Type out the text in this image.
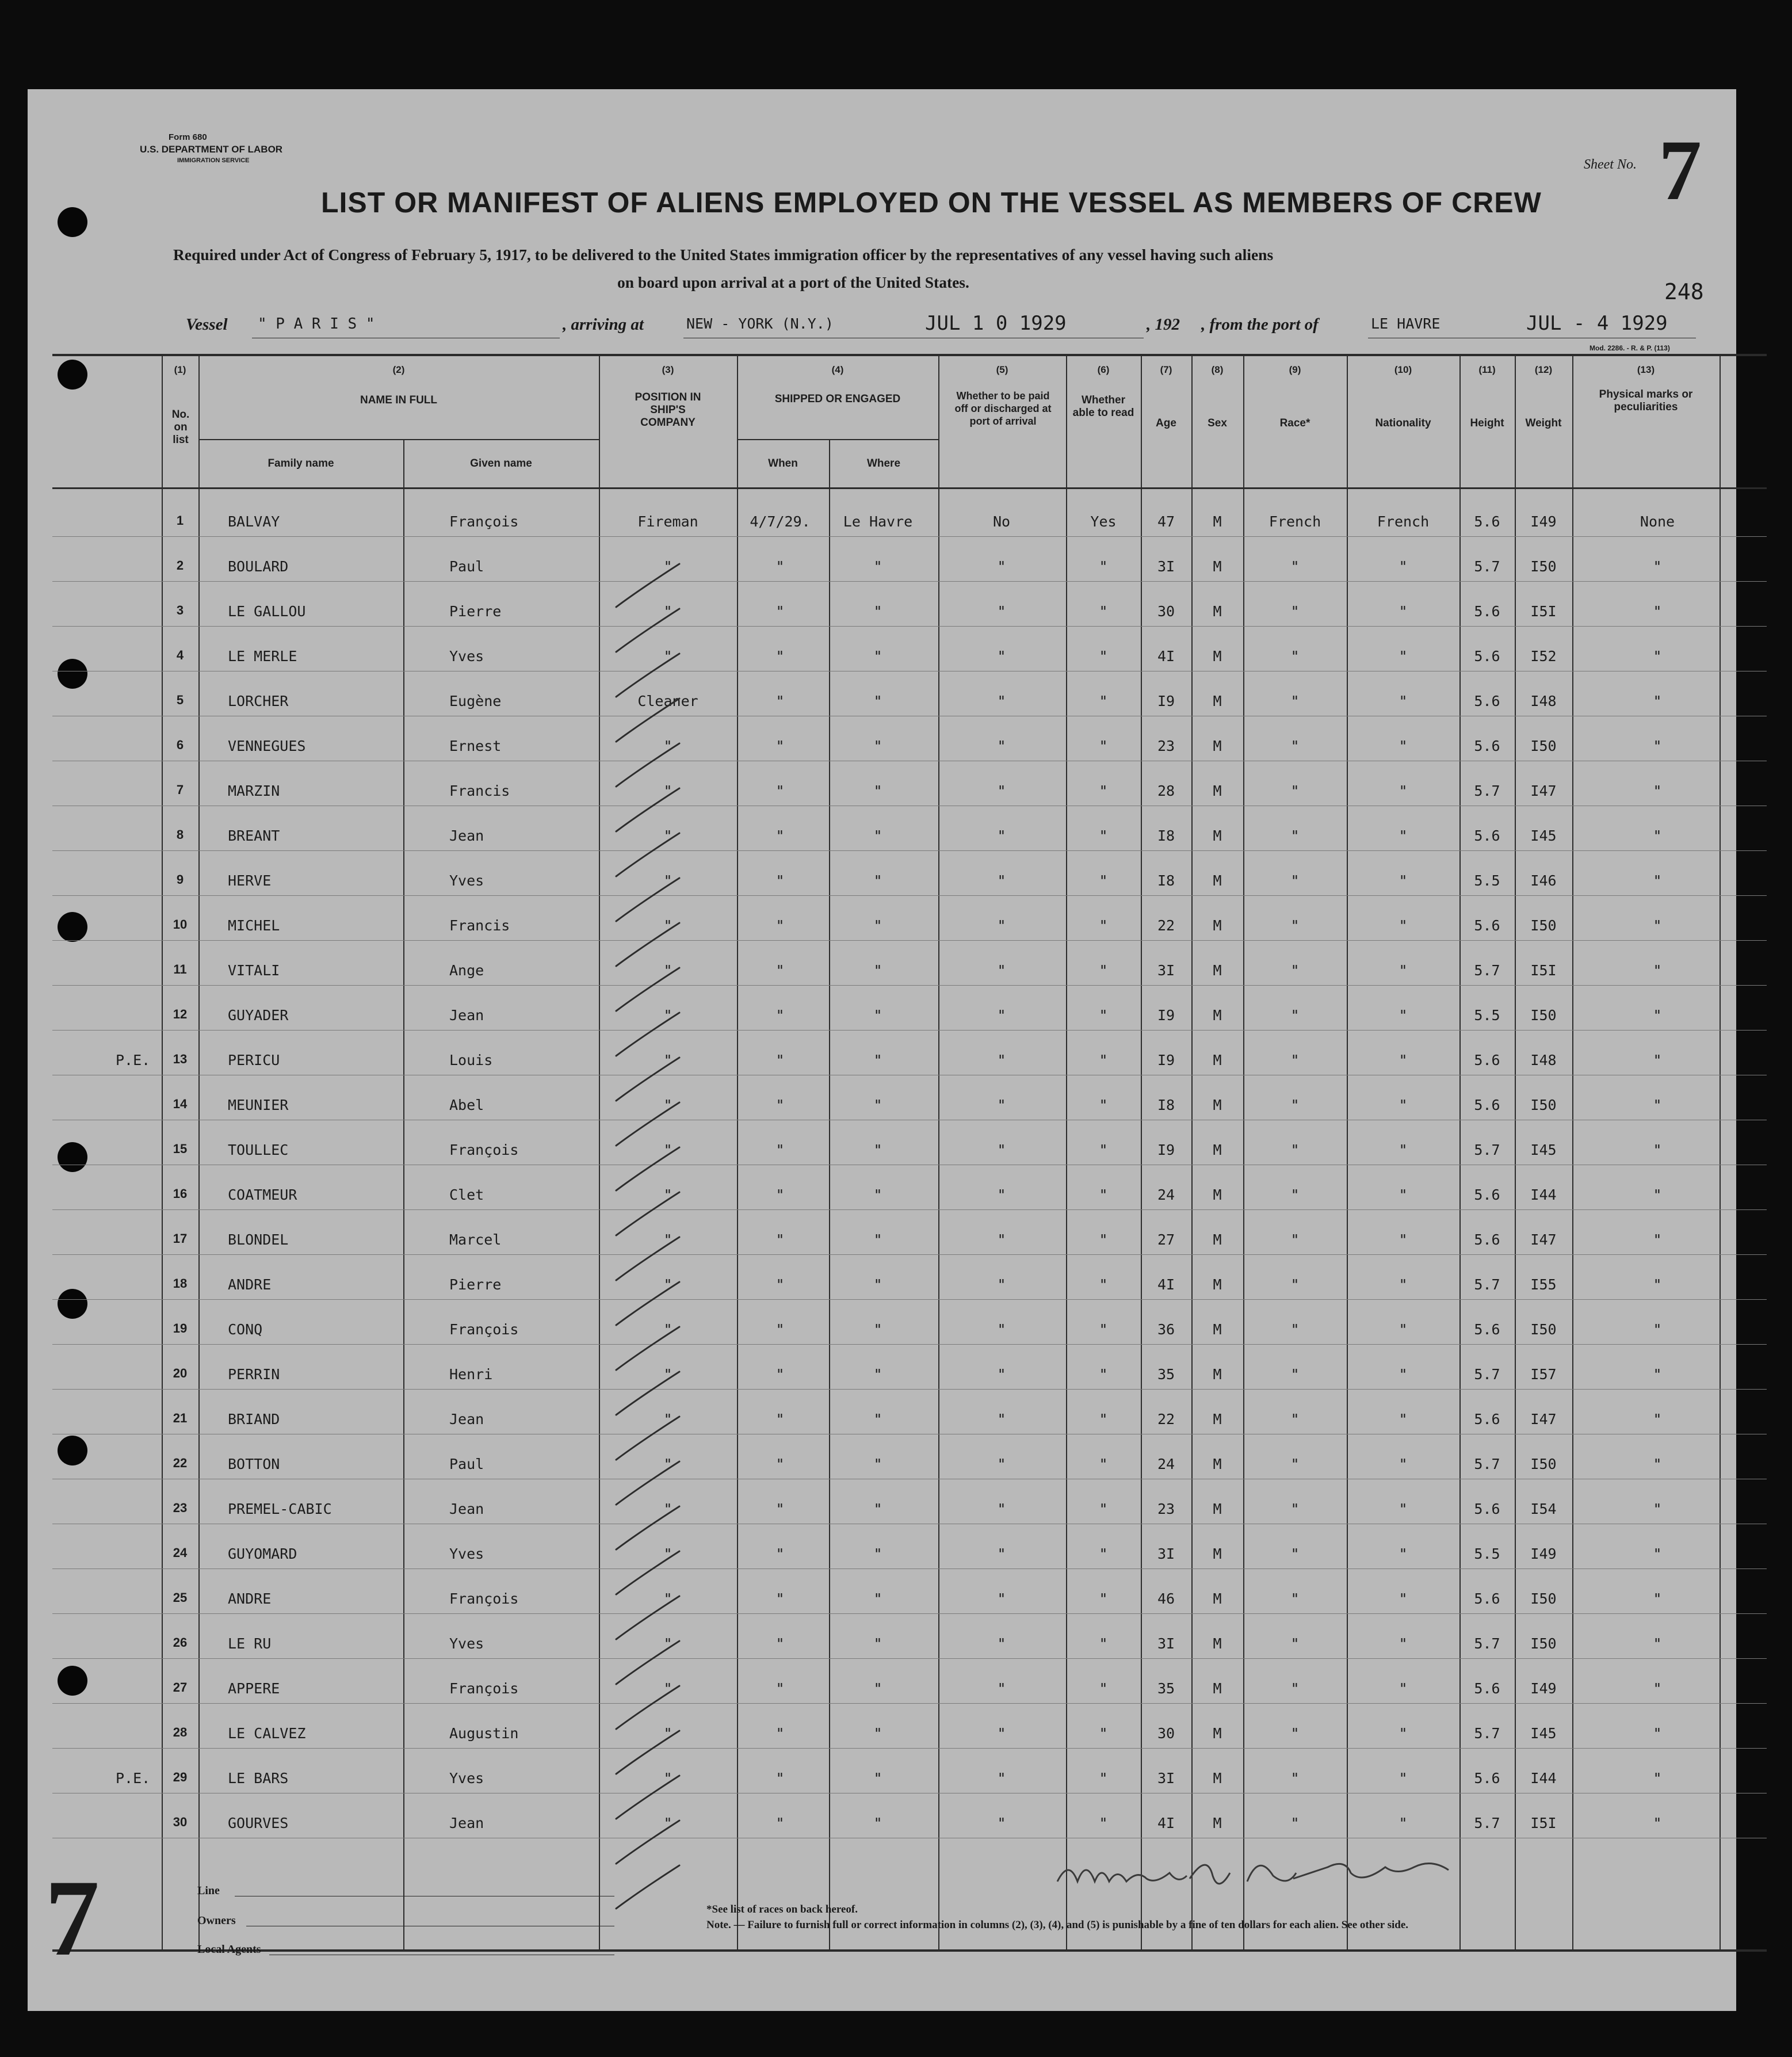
Form 680
U.S. DEPARTMENT OF LABOR
IMMIGRATION SERVICE	Sheet No. 7
LIST OR MANIFEST OF ALIENS EMPLOYED ON THE VESSEL AS MEMBERS OF CREW
Required under Act of Congress of February 5, 1917, to be delivered to the United States immigration officer by the representatives of any vessel having such aliens
on board upon arrival at a port of the United States.	248
Vessel " P A R I S "	, arriving at	NEW - YORK (N.Y.)	JUL 1 0 1929	, 192 , from the port of	LE HAVRE	JUL - 4 1929
Mod. 2286. - R. & P. (113)
(1)	(2)	(3)	(4)	(5)	(6)	(7)	(8)	(9)	(10)	(11)	(12)	(13)
No. on list
NAME IN FULL
Family name	Given name
POSITION IN SHIP'S COMPANY
SHIPPED OR ENGAGED
When	Where
Whether to be paid off or discharged at port of arrival
Whether able to read
Age	Sex	Race*	Nationality	Height	Weight
Physical marks or peculiarities
1	BALVAY	François	Fireman	4/7/29. Le Havre	No	Yes	47	M	French	French	5.6 I49	None
2	BOULARD	Paul	"	"	"	"	"	3I	M	"	"	5.7 I50	"
3	LE GALLOU	Pierre	"	"	"	"	"	30	M	"	"	5.6 I5I	"
4	LE MERLE	Yves	"	"	"	"	"	4I	M	"	"	5.6 I52	"
5	LORCHER	Eugène	Cleaner	"	"	"	"	I9	M	"	"	5.6 I48	"
6	VENNEGUES	Ernest	"	"	"	"	"	23	M	"	"	5.6 I50	"
7	MARZIN	Francis	"	"	"	"	"	28	M	"	"	5.7 I47	"
8	BREANT	Jean	"	"	"	"	"	I8	M	"	"	5.6 I45	"
9	HERVE	Yves	"	"	"	"	"	I8	M	"	"	5.5 I46	"
10	MICHEL	Francis	"	"	"	"	"	22	M	"	"	5.6 I50	"
11	VITALI	Ange	"	"	"	"	"	3I	M	"	"	5.7 I5I	"
12	GUYADER	Jean	"	"	"	"	"	I9	M	"	"	5.5 I50	"
13	PERICU	Louis	"	"	"	"	"	I9	M	"	"	5.6 I48	"
P.E.
14	MEUNIER	Abel	"	"	"	"	"	I8	M	"	"	5.6 I50	"
15	TOULLEC	François	"	"	"	"	"	I9	M	"	"	5.7 I45	"
16	COATMEUR	Clet	"	"	"	"	"	24	M	"	"	5.6 I44	"
17	BLONDEL	Marcel	"	"	"	"	"	27	M	"	"	5.6 I47	"
18	ANDRE	Pierre	"	"	"	"	"	4I	M	"	"	5.7 I55	"
19	CONQ	François	"	"	"	"	"	36	M	"	"	5.6 I50	"
20	PERRIN	Henri	"	"	"	"	"	35	M	"	"	5.7 I57	"
21	BRIAND	Jean	"	"	"	"	"	22	M	"	"	5.6 I47	"
22	BOTTON	Paul	"	"	"	"	"	24	M	"	"	5.7 I50	"
23	PREMEL-CABIC	Jean	"	"	"	"	"	23	M	"	"	5.6 I54	"
24	GUYOMARD	Yves	"	"	"	"	"	3I	M	"	"	5.5 I49	"
25	ANDRE	François	"	"	"	"	"	46	M	"	"	5.6 I50	"
26	LE RU	Yves	"	"	"	"	"	3I	M	"	"	5.7 I50	"
27	APPERE	François	"	"	"	"	"	35	M	"	"	5.6 I49	"
28	LE CALVEZ	Augustin	"	"	"	"	"	30	M	"	"	5.7 I45	"
29	LE BARS	Yves	"	"	"	"	"	3I	M	"	"	5.6 I44	"
P.E.
30	GOURVES	Jean	"	"	"	"	"	4I	M	"	"	5.7 I5I	"
7	Line
Owners
Local Agents
*See list of races on back hereof.
Note. — Failure to furnish full or correct information in columns (2), (3), (4), and (5) is punishable by a fine of ten dollars for each alien. See other side.
